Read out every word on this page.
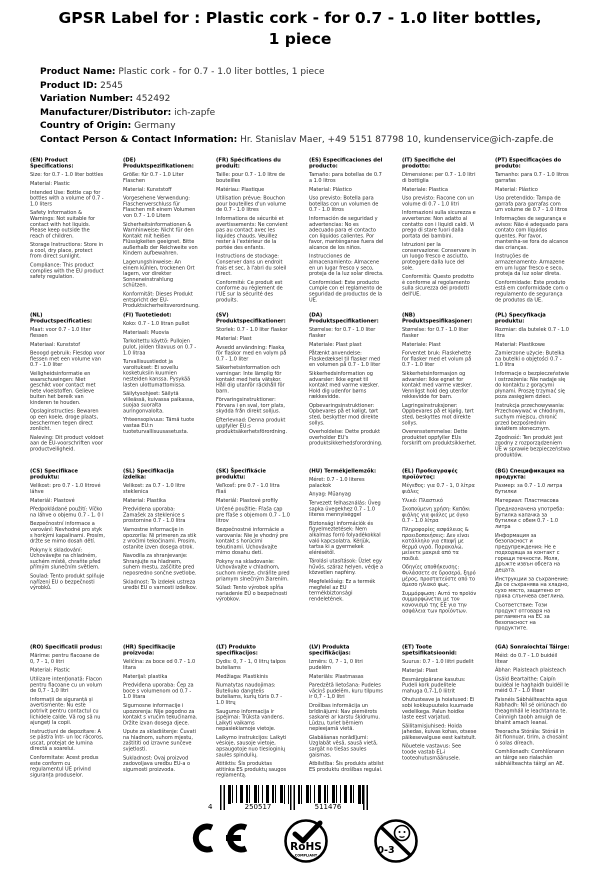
GPSR Label for : Plastic cork - for 0.7 - 1.0 liter bottles, 1 piece
Product Name: Plastic cork - for 0.7 - 1.0 liter bottles, 1 piece
Product ID: 2545
Variation Number: 452492
Manufacturer/Distributor: ich-zapfe
Country of Origin: Germany
Contact Person & Contact Information: Hr. Stanislav Maer, +49 5151 87798 10, kundenservice@ich-zapfe.de
(EN) Product Specifications:

Size: for 0.7 - 1.0 liter bottles

Material: Plastic

Intended Use: Bottle cap for bottles with a volume of 0.7 - 1.0 liters

Safety Information & Warnings: Not suitable for contact with hot liquids. Please keep outside the reach of children.

Storage Instructions: Store in a cool, dry place, protect from direct sunlight.

Compliance: This product complies with the EU product safety regulation.

(DE) Produktspezifikationen:

Größe: für 0.7 - 1.0 Liter Flaschen

Material: Kunststoff

Vorgesehene Verwendung: Flaschenverschluss für Flaschen mit einem Volumen von 0.7 - 1.0 Litern

Sicherheitsinformationen & Warnhinweise: Nicht für den Kontakt mit heißen Flüssigkeiten geeignet. Bitte außerhalb der Reichweite von Kindern aufbewahren.

Lagerungshinweise: An einem kühlen, trockenen Ort lagern, vor direkter Sonneneinstrahlung schützen.

Konformität: Dieses Produkt entspricht der EU-Produktsicherheitsverordnung.

(FR) Spécifications du produit:

Taille: pour 0.7 - 1.0 litre de bouteilles

Matériau: Plastique

Utilisation prévue: Bouchon pour bouteilles d'un volume de 0.7 - 1.0 litres

Informations de sécurité et avertissements: Ne convient pas au contact avec les liquides chauds. Veuillez rester à l'extérieur de la portée des enfants.

Instructions de stockage: Conserver dans un endroit frais et sec, à l'abri du soleil direct.

Conformité: Ce produit est conforme au règlement de l'UE sur la sécurité des produits.

(ES) Especificaciones del producto:

Tamaño: para botellas de 0.7 a 1.0 litros

Material: Plástico

Uso previsto: Botella para botellas con un volumen de 0.7 - 1.0 litros

Información de seguridad y advertencias: No es adecuado para el contacto con líquidos calientes. Por favor, manténganse fuera del alcance de los niños.

Instrucciones de almacenamiento: Almacene en un lugar fresco y seco, proteja de la luz solar directa.

Conformidad: Este producto cumple con el reglamento de seguridad de productos de la UE.

(IT) Specifiche del prodotto:

Dimensione: per 0.7 - 1.0 litri di bottiglia

Materiale: Plastica

Uso previsto: Fiacone con un volume di 0.7 - 1.0 litri

Informazioni sulla sicurezza e avvertenze: Non adatto al contatto con i liquidi caldi. Vi prego di stare fuori dalla portata dei bambini.

Istruzioni per la conservazione: Conservare in un luogo fresco e asciutto, proteggere dalla luce del sole.

Conformità: Questo prodotto è conforme al regolamento sulla sicurezza dei prodotti dell'UE.

(PT) Especificações do produto:

Tamanho: para 0.7 - 1.0 litros garrafas

Material: Plástico

Uso pretendido: Tampa de garrafa para garrafas com um volume de 0.7 - 1.0 litros

Informações de segurança e avisos: Não é adequado para contato com líquidos quentes. Por favor, mantenha-se fora do alcance das crianças.

Instruções de armazenamento: Armazene em um lugar fresco e seco, proteja da luz solar direta.

Conformidade: Este produto está em conformidade com o regulamento de segurança de produtos da UE.

(NL) Productspecificaties:

Maat: voor 0.7 - 1.0 liter flessen

Materiaal: Kunststof

Beoogd gebruik: Flesdop voor flessen met een volume van 0.7 - 1.0 liter

Veiligheidsinformatie en waarschuwingen: Niet geschikt voor contact met hete vloeistoffen. Gelieve buiten het bereik van kinderen te houden.

Opslaginstructies: Bewaren op een koele, droge plaats, beschermen tegen direct zonlicht.

Naleving: Dit product voldoet aan de EU-voorschriften voor productveiligheid.

(FI) Tuotetiedot:

Koko: 0.7 - 1.0 litran pullot

Materiaali: Muovia

Tarkoitettu käyttö: Pullojen pulot, joiden tilavuus on 0.7 - 1.0 litraa

Turvallisuustiedot ja varoitukset: Ei sovellu kosketuksiin kuumien nesteiden kanssa. Pysykää lasten ulottumattomissa.

Säilytysohjeet: Säilytä viileässä, kuivassa paikassa, suojaa suoralta auringonvalolta.

Yhteensopivuus: Tämä tuote vastaa EU:n tuoteturvallisuusasetusta.

(SV) Produktspecifikationer:

Storlek: 0.7 - 1.0 liter flaskor

Material: Plast

Avsedd användning: Flaska för flaskor med en volym på 0.7 - 1.0 liter

Säkerhetsinformation och varningar: Inte lämplig för kontakt med heta vätskor. Håll dig utanför räckhåll för barn.

Förvaringsinstruktioner: Förvara i en sval, torr plats, skydda från direkt solljus.

Efterlevnad: Denna produkt uppfyller EU:s produktsäkerhetsförordning.

(DA) Produktspecifikationer:

Størrelse: for 0.7 - 1.0 liter flasker

Materiale: Plast plast

Påtænkt anvendelse: Flaskedæksel til flasker med en volumen på 0.7 - 1.0 liter

Sikkerhedsinformation og advarsler: Ikke egnet til kontakt med varme væsker. Hold dig udenfor børns rækkevidde.

Opbevaringsinstruktioner: Opbevares på et køligt, tørt sted, beskytter mod direkte sollys.

Overholdelse: Dette produkt overholder EU's produktsikkerhedsforordning.

(NB) Produktspesifikasjoner:

Størrelse: for 0.7 - 1.0 liter flasker

Materiale: Plast

Forventet bruk: Flaskehette for flasker med et volum på 0.7 - 1.0 liter

Sikkerhetsinformasjon og advarsler: Ikke egnet for kontakt med varme væsker. Vennligst hold deg utenfor rekkevidde for barn.

Lagringsinstruksjoner: Oppbevares på et kjølig, tørt sted, beskyttes mot direkte sollys.

Overensstemmelse: Dette produktet oppfyller EUs forskrift om produktsikkerhet.

(PL) Specyfikacja produktu:

Rozmiar: dla butelek 0.7 - 1.0 litra

Materiał: Plastikowe

Zamierzone użycie: Butelka na butelki o objętości 0.7 - 1.0 litra

Informacje o bezpieczeństwie i ostrzeżenia: Nie nadaje się do kontaktu z gorącymi płynami. Proszę trzymać się poza zasięgiem dzieci.

Instrukcja przechowywania: Przechowywać w chłodnym, suchym miejscu, chronić przed bezpośrednim światłem słonecznym.

Zgodność: Ten produkt jest zgodny z rozporządzeniem UE w sprawie bezpieczeństwa produktów.

(CS) Specifikace produktu:

Velikost: pro 0.7 - 1.0 litrové láhve

Materiál: Plastové

Předpokládané použití: Víčko na láhve o objemu 0.7 - 1, 0 l

Bezpečnostní informace a varování: Nevhodné pro styk s horkými kapalinami. Prosím, držte se mimo dosah dětí.

Pokyny k skladování: Uchovávejte na chladném, suchém místě, chraňte před přímým slunečním světlem.

Soulad: Tento produkt splňuje nařízení EU o bezpečnosti výrobků.

(SL) Specifikacija izdelka:

Velikost: za 0.7 - 1.0 litre steklenica

Material: Plastika

Predvidena uporaba: Zamašek za steklenice s prostornine 0.7 - 1.0 litra

Varnostne informacije in opozorila: Ni primeren za stik z vročimi tekočinami. Prosim, ostanite izven dosega otrok.

Navodila za shranjevanje: Shranjujte na hladnem, suhem mestu, zaščitite pred neposredno sončne svetlobe.

Skladnost: Ta izdelek ustreza uredbi EU o varnosti izdelkov.

(SK) Špecifikácie produktu:

Veľkosť: pre 0.7 - 1.0 litra fliaš

Materiál: Plastové profily

Určené použitie: Fľaša cap pre fľaše s objemom 0.7 - 1.0 litrov

Bezpečnostné informácie a varovania: Nie je vhodný pre kontakt s horúcimi tekutinami. Uchovávajte mimo dosahu detí.

Pokyny na skladovanie: Uchovávajte v chladnom, suchom mieste, chráňte pred priamym slnečným žiarením.

Súlad: Tento výrobok spĺňa nariadenie EÚ o bezpečnosti výrobkov.

(HU) Termékjellemzők:

Méret: 0.7 - 1.0 literes palackok

Anyag: Műanyag

Tervezett felhasználás: Üveg sapka üvegekhez 0.7 - 1.0 literes mennyiséggel

Biztonsági információk és figyelmeztetések: Nem alkalmas forró folyadékokkal való kapcsolatra. Kérjük, tartsa ki a gyermekek elérésétől.

Tárolási utasítások: Üzlet egy hűvös, száraz helyen, védje a közvetlen napfény.

Megfelelőség: Ez a termék megfelel az EU termékbiztonsági rendeletének.

(EL) Προδιαγραφές προϊόντος:

Μέγεθος: για 0.7 - 1, 0 λίτρα φιάλες

Υλικό: Πλαστικό

Σκοπούμενη χρήση: Καπάκι φιάλης για φιάλες με όγκο 0.7 - 1.0 λίτρα

Πληροφορίες ασφάλειας & προειδοποιήσεις: Δεν είναι κατάλληλο για επαφή με θερμά υγρά. Παρακαλώ, μείνετε μακριά από τα παιδιά.

Οδηγίες αποθήκευσης: Φυλάσσετε σε δροσερό, ξηρό μέρος, προστατεύστε από το άμεσο ηλιακό φως.

Συμμόρφωση: Αυτό το προϊόν συμμορφώνεται με τον κανονισμό της ΕΕ για την ασφάλεια των προϊόντων.

(BG) Спецификация на продукта:

Размер: за 0.7 - 1.0 литра бутилки

Материал: Пластмасова

Предназначена употреба: Бутилка капачка за бутилки с обем 0.7 - 1.0 литра

Информация за безопасност и предупреждения: Не е подходяща за контакт с горещи течности. Моля, дръжте извън обсега на децата.

Инструкции за съхранение: Да се съхранява на хладно, сухо място, защитено от пряка слънчева светлина.

Съответствие: Този продукт отговаря на регламента на ЕС за безопасност на продуктите.

(RO) Specificatii produs:

Mărime: pentru flacoane de 0, 7 - 1, 0 litri

Material: Plastic

Utilizare intenționată: Flacon pentru flacoane cu un volum de 0,7 - 1,0 litri

Informații de siguranță și avertismente: Nu este potrivit pentru contactul cu lichidele calde. Vă rog să nu ajungeți la copii.

Instrucțiuni de depozitare: A se păstra într- un loc răcoros, uscat, protejat de lumina directă a soarelui.

Conformitate: Acest produs este conform cu regulamentul UE privind siguranța produselor.

(HR) Specifikacije proizvoda:

Veličina: za boce od 0.7 - 1.0 litara

Materijal: plastika

Predviđena uporaba: Čep za boce s volumenom od 0.7 - 1.0 litara

Sigurnosne informacije i upozorenja: Nije pogodno za kontakt s vrućim tekućinama. Držite izvan dosega djece.

Upute za skladištenje: Čuvati na hladnom, suhom mjestu, zaštititi od izravne sunčeve svjetlosti.

Sukladnost: Ovaj proizvod zadovoljava uredbu EU-a o sigurnosti proizvoda.

(LT) Produkto specifikacijos:

Dydis: 0, 7 - 1, 0 litrų talpos buteliams

Medžiaga: Plastikinis

Numatytas naudojimas: Buteliuko dangtelis buteliams, kurių tūris 0.7 - 1.0 litrų

Saugumo informacija ir įspėjimai: Trūksta vandens. Laikyti vaikams nepasiekiamoje vietoje.

Laikymo instrukcijos: Laikyti vėsioje, sausoje vietoje, apsaugotoje nuo tiesioginių saulės spindulių.

Atitiktis: Šis produktas atitinka ES produktų saugos reglamentą.

(LV) Produkta specifikācijas:

Izmērs: 0, 7 - 1, 0 litri pudelēm

Materiāls: Plastmasas

Paredzētā lietošana: Pudeles vāciņš pudelēm, kuru tilpums ir 0,7 - 1,0 litri

Drošības informācija un brīdinājumi: Nav piemērots saskarei ar karstu šķidrumu. Lūdzu, turiet bērniem nepieejamā vietā.

Glabāšanas norādījumi: Uzglabāt vēsā, sausā vietā, sargāt no tiešas saules gaismas.

Atbilstība: Šis produkts atbilst ES produktu drošības regulai.

(ET) Toote spetsifikatsioonid:

Suurus: 0.7 - 1.0 liitri pudelit

Materjal: Plast

Eesmärgipärane kasutus: Pudeli kork pudelitele mahuga 0,7-1,0 liitrit

Ohutusteave ja hoiatused: Ei sobi kokkupuuteks kuumade vedelikega. Palun hoidke laste eest varjatud.

Säilitamisjuhised: Hoida jahedas, kuivas kohas, otsese päikesevalguse eest kaitstult.

Nõuetele vastavus: See toode vastab EL-i tooteohutusmäärusele.

(GA) Sonraíochtaí Táirge:

Méid: do 0.7 - 1.0 buidéil lítear

Ábhar: Plaisteach plaisteach

Úsáid Beartaithe: Caipín buidéal le haghaidh buidéil le méid 0.7 - 1.0 lítear

Faisnéis Sábháilteachta agus Rabhadh: Níl sé oiriúnach do theagmháil le leachtanna te. Coinnigh taobh amuigh de bhaint amach leanaí.

Treoracha Stórála: Stóráil in áit fionnuar, tirim, a chosaint ó solas díreach.

Comhlíonadh: Comhlíonann an táirge seo rialachán sábháilteachta táirgí an AE.

4	250517	511476
RoHS
COMPLIANT	0-3
